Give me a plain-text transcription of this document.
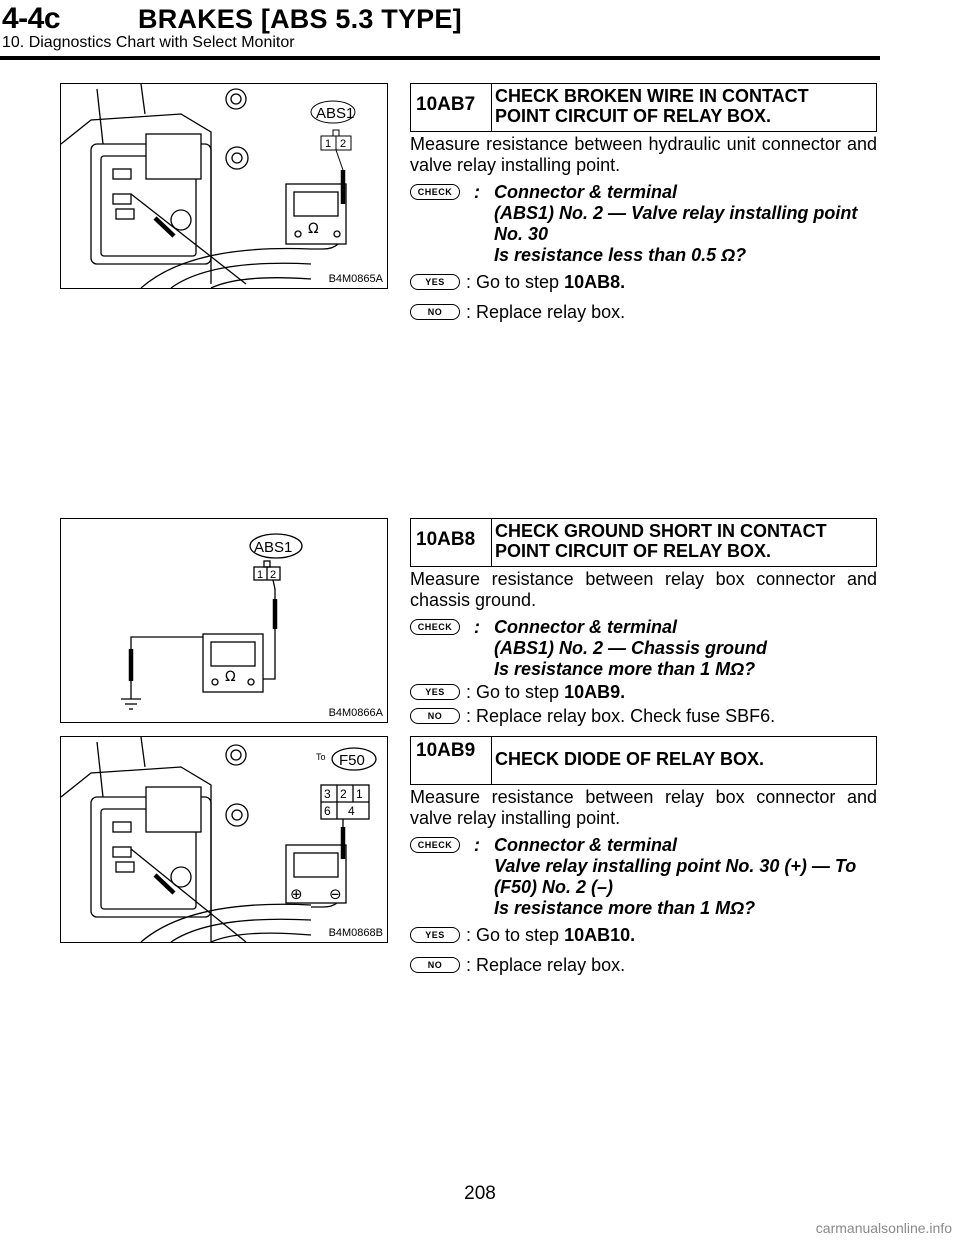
4-4c	BRAKES [ABS 5.3 TYPE]
10. Diagnostics Chart with Select Monitor
1 2
ABS1
Ω
B4M0865A
10AB7 CHECK BROKEN WIRE IN CONTACT
POINT CIRCUIT OF RELAY BOX.
Measure resistance between hydraulic unit connector and valve relay installing point.
CHECK	: Connector & terminal
(ABS1) No. 2 — Valve relay installing point
No. 30
Is resistance less than 0.5 Ω?
YES	: Go to step 10AB8.
NO	: Replace relay box.
1 2
ABS1
Ω
B4M0866A
10AB8 CHECK GROUND SHORT IN CONTACT
POINT CIRCUIT OF RELAY BOX.
Measure resistance between relay box connector and chassis ground.
CHECK	: Connector & terminal
(ABS1) No. 2 — Chassis ground
Is resistance more than 1 MΩ?
YES	: Go to step 10AB9.
NO	: Replace relay box. Check fuse SBF6.
3 2 1
6 4
To F50
⊕ ⊖
B4M0868B
10AB9 CHECK DIODE OF RELAY BOX.
Measure resistance between relay box connector and valve relay installing point.
CHECK	: Connector & terminal
Valve relay installing point No. 30 (+) — To
(F50) No. 2 (–)
Is resistance more than 1 MΩ?
YES	: Go to step 10AB10.
NO	: Replace relay box.
208
carmanualsonline.info
